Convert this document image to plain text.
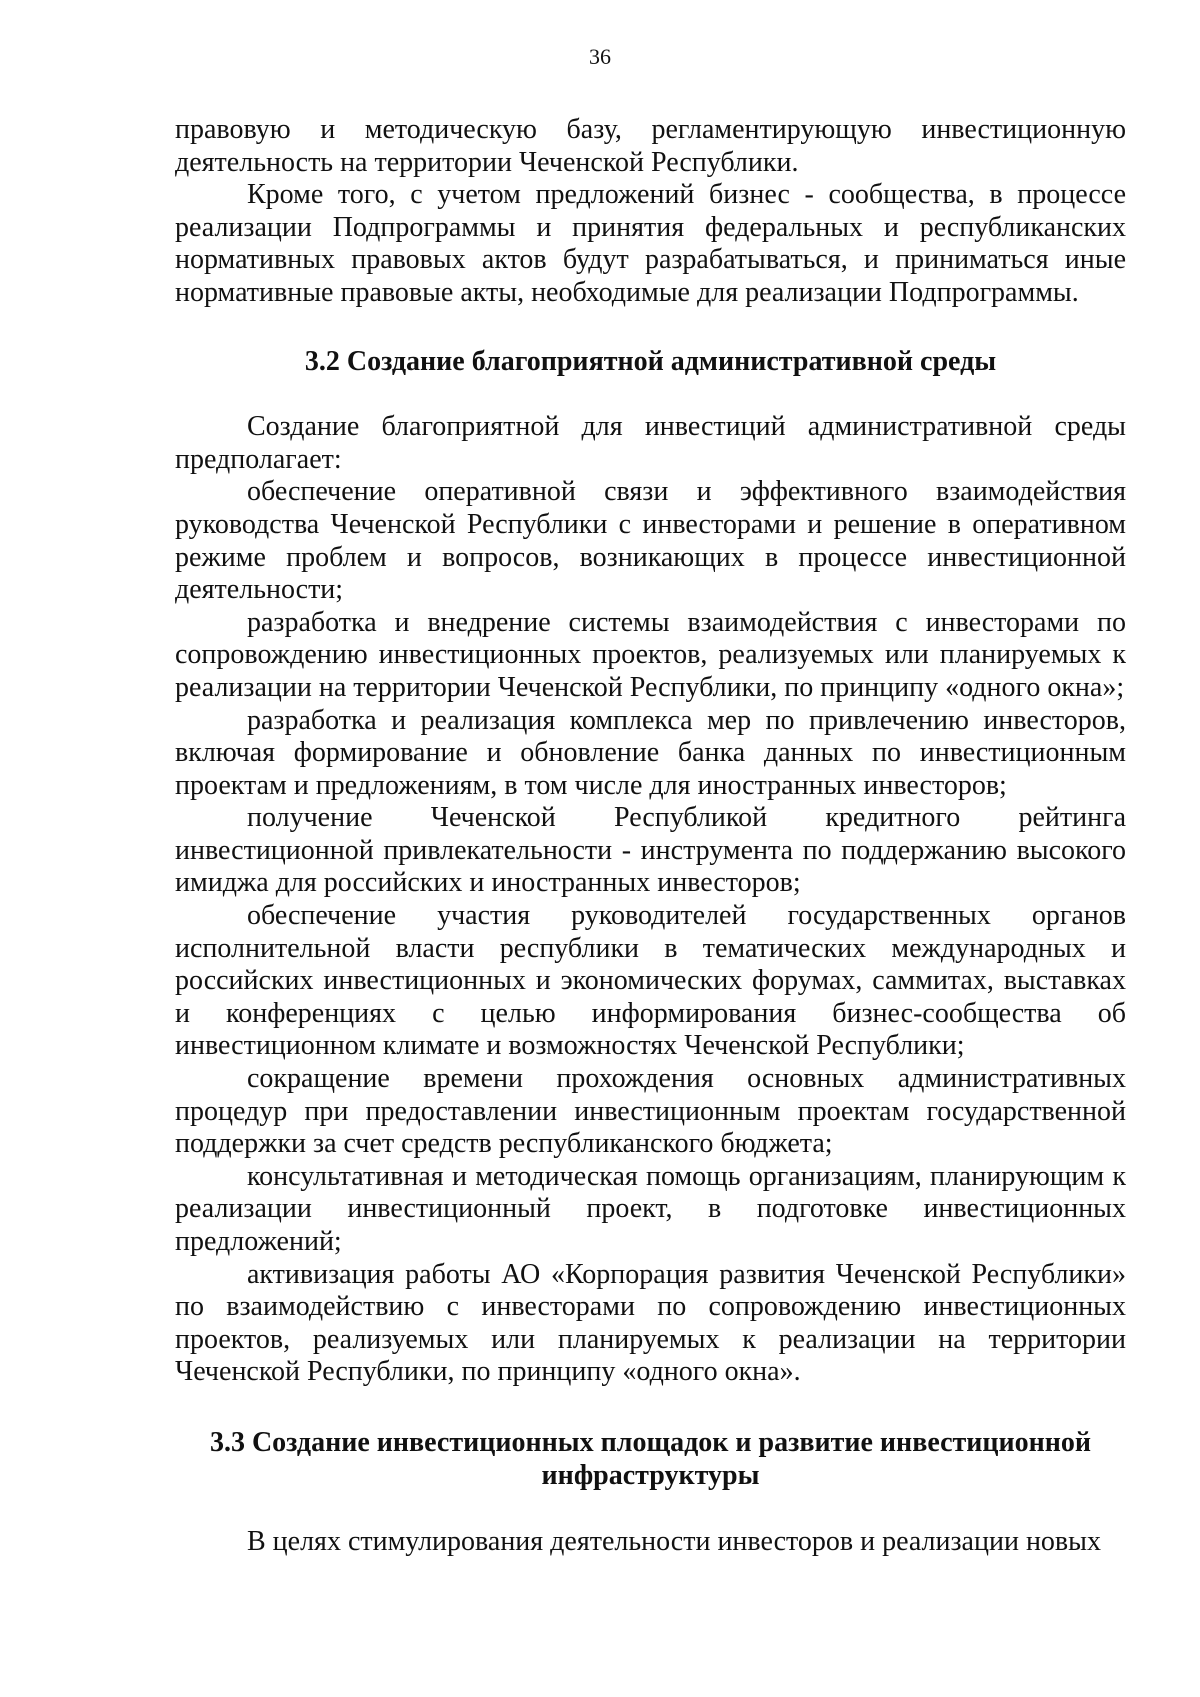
36

правовую и методическую базу, регламентирующую инвестиционную деятельность на территории Чеченской Республики.

Кроме того, с учетом предложений бизнес - сообщества, в процессе реализации Подпрограммы и принятия федеральных и республиканских нормативных правовых актов будут разрабатываться, и приниматься иные нормативные правовые акты, необходимые для реализации Подпрограммы.

3.2 Создание благоприятной административной среды

Создание благоприятной для инвестиций административной среды предполагает:

обеспечение оперативной связи и эффективного взаимодействия руководства Чеченской Республики с инвесторами и решение в оперативном режиме проблем и вопросов, возникающих в процессе инвестиционной деятельности;

разработка и внедрение системы взаимодействия с инвесторами по сопровождению инвестиционных проектов, реализуемых или планируемых к реализации на территории Чеченской Республики, по принципу «одного окна»;

разработка и реализация комплекса мер по привлечению инвесторов, включая формирование и обновление банка данных по инвестиционным проектам и предложениям, в том числе для иностранных инвесторов;

получение Чеченской Республикой кредитного рейтинга инвестиционной привлекательности - инструмента по поддержанию высокого имиджа для российских и иностранных инвесторов;

обеспечение участия руководителей государственных органов исполнительной власти республики в тематических международных и российских инвестиционных и экономических форумах, саммитах, выставках и конференциях с целью информирования бизнес-сообщества об инвестиционном климате и возможностях Чеченской Республики;

сокращение времени прохождения основных административных процедур при предоставлении инвестиционным проектам государственной поддержки за счет средств республиканского бюджета;

консультативная и методическая помощь организациям, планирующим к реализации инвестиционный проект, в подготовке инвестиционных предложений;

активизация работы АО «Корпорация развития Чеченской Республики» по взаимодействию с инвесторами по сопровождению инвестиционных проектов, реализуемых или планируемых к реализации на территории Чеченской Республики, по принципу «одного окна».

3.3 Создание инвестиционных площадок и развитие инвестиционной
инфраструктуры

В целях стимулирования деятельности инвесторов и реализации новых
